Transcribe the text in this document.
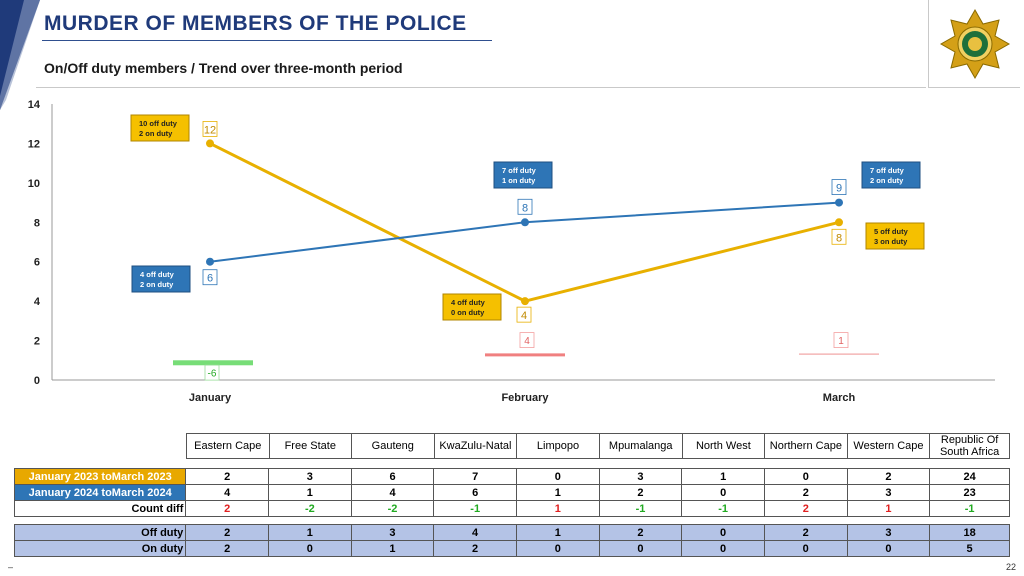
MURDER OF MEMBERS OF THE POLICE
On/Off duty members / Trend over three-month period
0
2
4
6
8
10
12
14
January	February	March
-6
4	1
12
4
8
6
8
9
10 off duty
2 on duty
4 off duty
0 on duty
5 off duty
3 on duty
4 off duty
2 on duty
7 off duty
1 on duty
7 off duty
2 on duty
Eastern Cape	Free State	Gauteng	KwaZulu-Natal	Limpopo	Mpumalanga	North West	Northern Cape	Western Cape	Republic Of South Africa
January 2023 toMarch 2023	2	3	6	7	0	3	1	0	2	24
January 2024 toMarch 2024	4	1	4	6	1	2	0	2	3	23
Count diff	2	-2	-2	-1	1	-1	-1	2	1	-1
Off duty	2	1	3	4	1	2	0	2	3	18
On duty	2	0	1	2	0	0	0	0	0	5
–	22
